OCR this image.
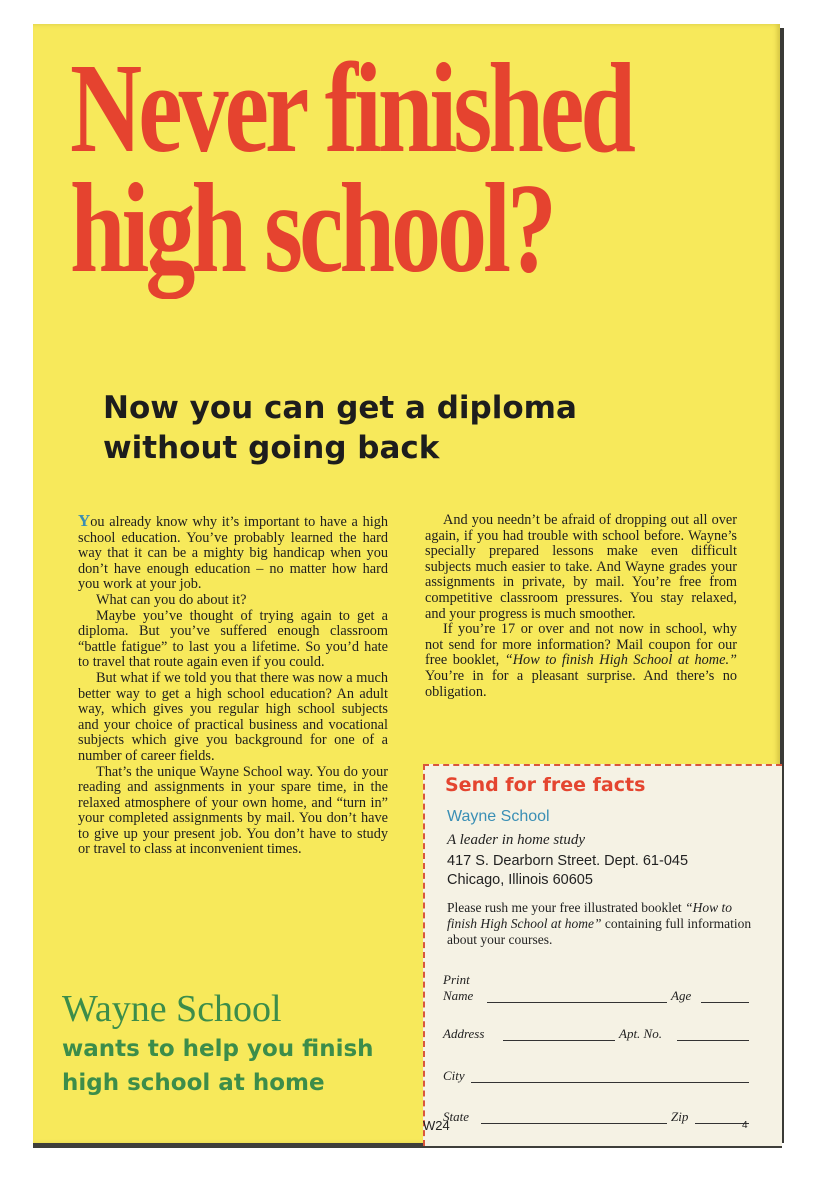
Never finished
high school?
Now you can get a diploma
without going back

You already know why it’s important to have a high school education. You’ve probably learned the hard way that it can be a mighty big handicap when you don’t have enough education – no matter how hard you work at your job.

What can you do about it?

Maybe you’ve thought of trying again to get a diploma. But you’ve suffered enough classroom “battle fatigue” to last you a lifetime. So you’d hate to travel that route again even if you could.

But what if we told you that there was now a much better way to get a high school education? An adult way, which gives you regular high school subjects and your choice of practical business and vocational subjects which give you background for one of a number of career fields.

That’s the unique Wayne School way. You do your reading and assignments in your spare time, in the relaxed atmosphere of your own home, and “turn in” your completed assignments by mail. You don’t have to give up your present job. You don’t have to study or travel to class at inconvenient times.

And you needn’t be afraid of dropping out all over again, if you had trouble with school before. Wayne’s specially prepared lessons make even difficult subjects much easier to take. And Wayne grades your assignments in private, by mail. You’re free from competitive classroom pressures. You stay relaxed, and your progress is much smoother.

If you’re 17 or over and not now in school, why not send for more information? Mail coupon for our free booklet, “How to finish High School at home.” You’re in for a pleasant surprise. And there’s no obligation.

Wayne School
wants to help you finish
high school at home
Send for free facts
Wayne School
A leader in home study
417 S. Dearborn Street. Dept. 61-045
Chicago, Illinois 60605
Please rush me your free illustrated booklet “How to finish High School at home” containing full information about your courses.
Print
Name	Age
Address	Apt. No.
City
State	Zip
W24	4
